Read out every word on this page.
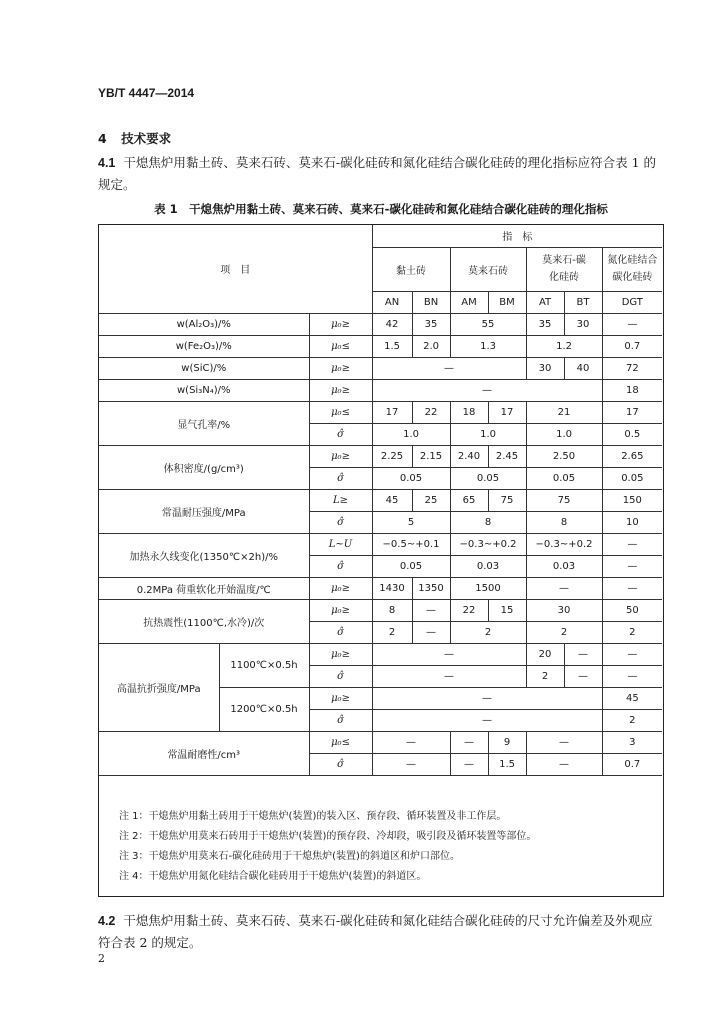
YB/T 4447—2014
4 技术要求
4.1 干熄焦炉用黏土砖、莫来石砖、莫来石-碳化硅砖和氮化硅结合碳化硅砖的理化指标应符合表 1 的规定。
表 1　干熄焦炉用黏土砖、莫来石砖、莫来石-碳化硅砖和氮化硅结合碳化硅砖的理化指标
项　目			指　标						
			黏土砖		莫来石砖		莫来石-碳化硅砖		氮化硅结合碳化硅砖
			AN	BN	AM	BM	AT	BT	DGT
w(Al₂O₃)/%		μ₀≥	42	35	55		35	30	—
w(Fe₂O₃)/%		μ₀≤	1.5	2.0	1.3		1.2		0.7
w(SiC)/%		μ₀≥	—				30	40	72
w(Si₃N₄)/%		μ₀≥	—						18
显气孔率/%		μ₀≤	17	22	18	17	21		17
		σ̂	1.0		1.0		1.0		0.5
体积密度/(g/cm³)		μ₀≥	2.25	2.15	2.40	2.45	2.50		2.65
		σ̂	0.05		0.05		0.05		0.05
常温耐压强度/MPa		L≥	45	25	65	75	75		150
		σ̂	5		8		8		10
加热永久线变化(1350℃×2h)/%		L~U	−0.5~+0.1		−0.3~+0.2		−0.3~+0.2		—
		σ̂	0.05		0.03		0.03		—
0.2MPa 荷重软化开始温度/℃		μ₀≥	1430	1350	1500		—		—
抗热震性(1100℃,水冷)/次		μ₀≥	8	—	22	15	30		50
		σ̂	2	—	2		2		2
高温抗折强度/MPa	1100℃×0.5h	μ₀≥	—				20	—	—
		σ̂	—				2	—	—
	1200℃×0.5h	μ₀≥	—						45
		σ̂	—						2
常温耐磨性/cm³		μ₀≤	—		—	9	—		3
		σ̂	—		—	1.5	—		0.7
注 1：干熄焦炉用黏土砖用于干熄焦炉(装置)的装入区、预存段、循环装置及非工作层。
注 2：干熄焦炉用莫来石砖用于干熄焦炉(装置)的预存段、冷却段，吸引段及循环装置等部位。
注 3：干熄焦炉用莫来石-碳化硅砖用于干熄焦炉(装置)的斜道区和炉口部位。
注 4：干熄焦炉用氮化硅结合碳化硅砖用于干熄焦炉(装置)的斜道区。
4.2 干熄焦炉用黏土砖、莫来石砖、莫来石-碳化硅砖和氮化硅结合碳化硅砖的尺寸允许偏差及外观应符合表 2 的规定。
2
